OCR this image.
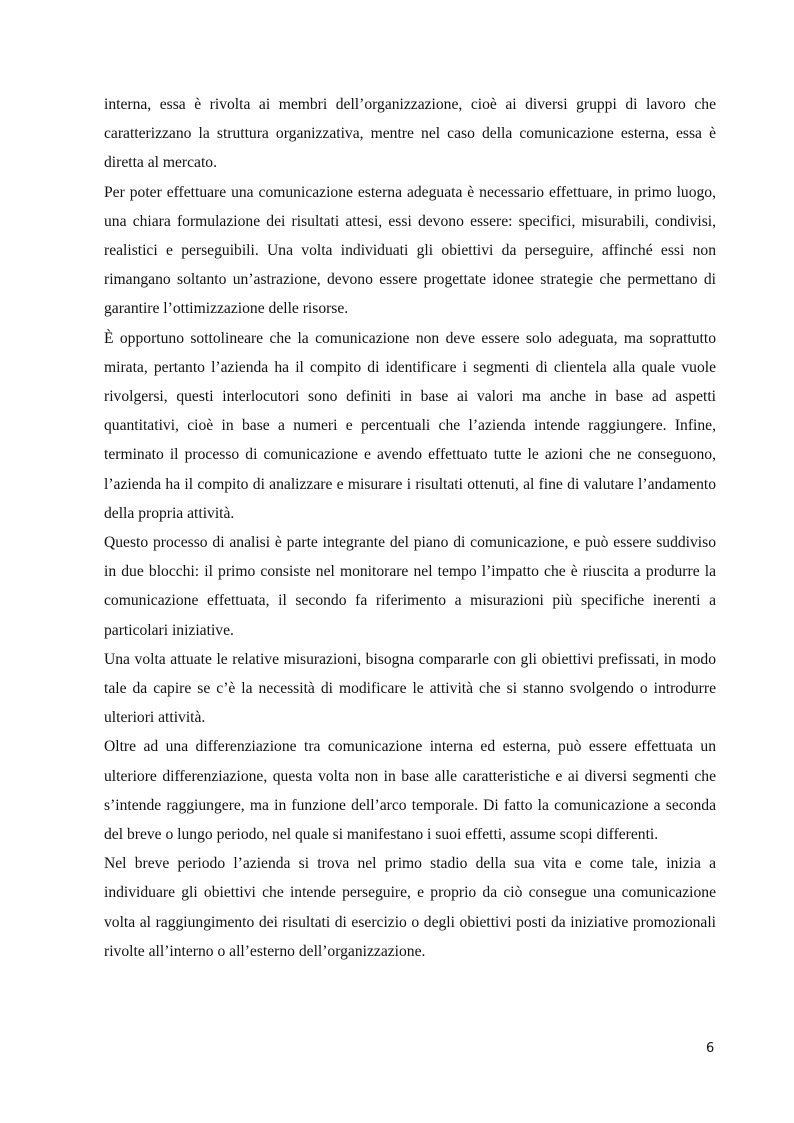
interna, essa è rivolta ai membri dell’organizzazione, cioè ai diversi gruppi di lavoro che caratterizzano la struttura organizzativa, mentre nel caso della comunicazione esterna, essa è diretta al mercato.

Per poter effettuare una comunicazione esterna adeguata è necessario effettuare, in primo luogo, una chiara formulazione dei risultati attesi, essi devono essere: specifici, misurabili, condivisi, realistici e perseguibili. Una volta individuati gli obiettivi da perseguire, affinché essi non rimangano soltanto un’astrazione, devono essere progettate idonee strategie che permettano di garantire l’ottimizzazione delle risorse.

È opportuno sottolineare che la comunicazione non deve essere solo adeguata, ma soprattutto mirata, pertanto l’azienda ha il compito di identificare i segmenti di clientela alla quale vuole rivolgersi, questi interlocutori sono definiti in base ai valori ma anche in base ad aspetti quantitativi, cioè in base a numeri e percentuali che l’azienda intende raggiungere. Infine, terminato il processo di comunicazione e avendo effettuato tutte le azioni che ne conseguono, l’azienda ha il compito di analizzare e misurare i risultati ottenuti, al fine di valutare l’andamento della propria attività.

Questo processo di analisi è parte integrante del piano di comunicazione, e può essere suddiviso in due blocchi: il primo consiste nel monitorare nel tempo l’impatto che è riuscita a produrre la comunicazione effettuata, il secondo fa riferimento a misurazioni più specifiche inerenti a particolari iniziative.

Una volta attuate le relative misurazioni, bisogna compararle con gli obiettivi prefissati, in modo tale da capire se c’è la necessità di modificare le attività che si stanno svolgendo o introdurre ulteriori attività.

Oltre ad una differenziazione tra comunicazione interna ed esterna, può essere effettuata un ulteriore differenziazione, questa volta non in base alle caratteristiche e ai diversi segmenti che s’intende raggiungere, ma in funzione dell’arco temporale. Di fatto la comunicazione a seconda del breve o lungo periodo, nel quale si manifestano i suoi effetti, assume scopi differenti.

Nel breve periodo l’azienda si trova nel primo stadio della sua vita e come tale, inizia a individuare gli obiettivi che intende perseguire, e proprio da ciò consegue una comunicazione volta al raggiungimento dei risultati di esercizio o degli obiettivi posti da iniziative promozionali rivolte all’interno o all’esterno dell’organizzazione.

6
